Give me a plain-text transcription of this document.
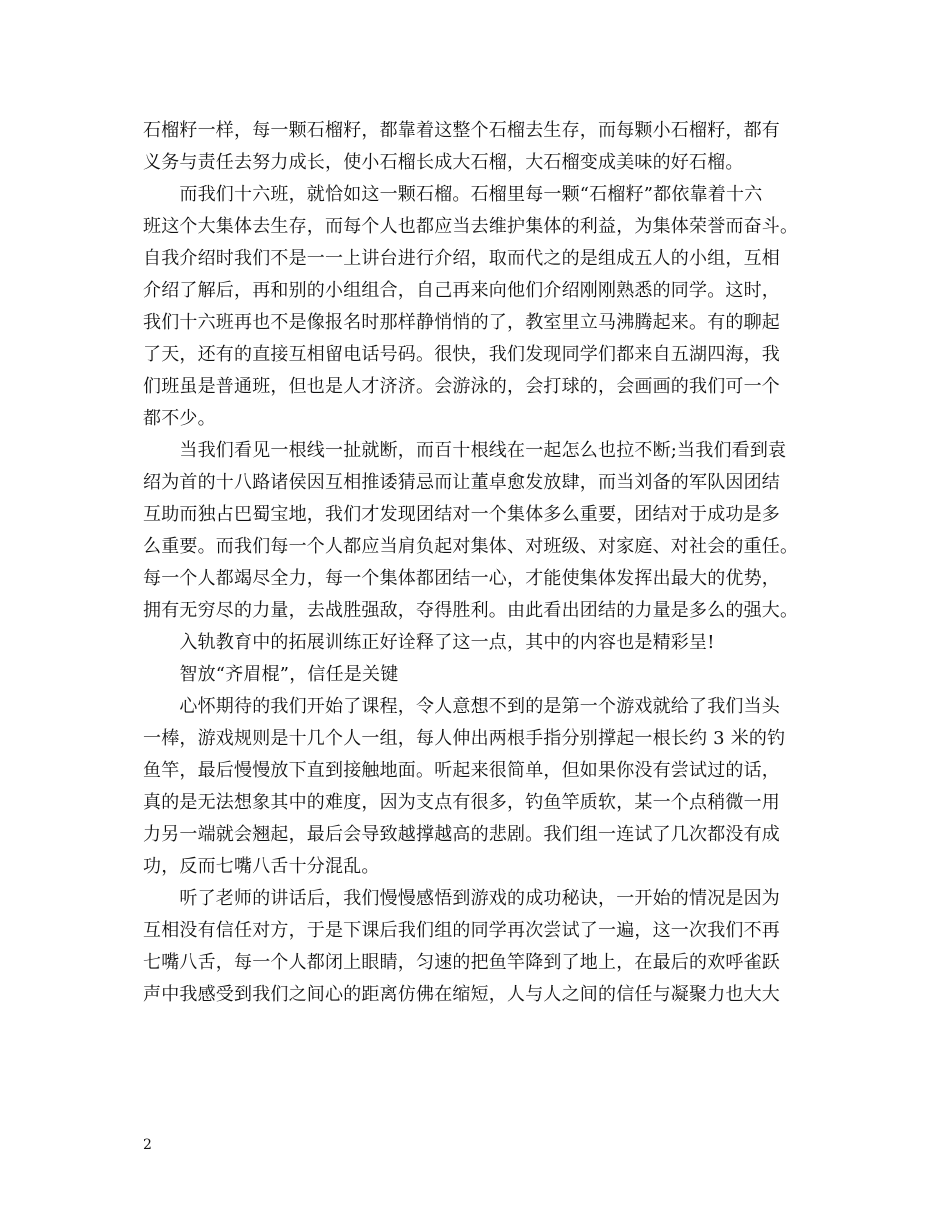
石榴籽一样，每一颗石榴籽，都靠着这整个石榴去生存，而每颗小石榴籽，都有
义务与责任去努力成长，使小石榴长成大石榴，大石榴变成美味的好石榴。
　　而我们十六班，就恰如这一颗石榴。石榴里每一颗“石榴籽”都依靠着十六
班这个大集体去生存，而每个人也都应当去维护集体的利益，为集体荣誉而奋斗。
自我介绍时我们不是一一上讲台进行介绍，取而代之的是组成五人的小组，互相
介绍了解后，再和别的小组组合，自己再来向他们介绍刚刚熟悉的同学。这时，
我们十六班再也不是像报名时那样静悄悄的了，教室里立马沸腾起来。有的聊起
了天，还有的直接互相留电话号码。很快，我们发现同学们都来自五湖四海，我
们班虽是普通班，但也是人才济济。会游泳的，会打球的，会画画的我们可一个
都不少。
　　当我们看见一根线一扯就断，而百十根线在一起怎么也拉不断;当我们看到袁
绍为首的十八路诸侯因互相推诿猜忌而让董卓愈发放肆，而当刘备的军队因团结
互助而独占巴蜀宝地，我们才发现团结对一个集体多么重要，团结对于成功是多
么重要。而我们每一个人都应当肩负起对集体、对班级、对家庭、对社会的重任。
每一个人都竭尽全力，每一个集体都团结一心，才能使集体发挥出最大的优势，
拥有无穷尽的力量，去战胜强敌，夺得胜利。由此看出团结的力量是多么的强大。
　　入轨教育中的拓展训练正好诠释了这一点，其中的内容也是精彩呈!
　　智放“齐眉棍”，信任是关键
　　心怀期待的我们开始了课程，令人意想不到的是第一个游戏就给了我们当头
一棒，游戏规则是十几个人一组，每人伸出两根手指分别撑起一根长约 3 米的钓
鱼竿，最后慢慢放下直到接触地面。听起来很简单，但如果你没有尝试过的话，
真的是无法想象其中的难度，因为支点有很多，钓鱼竿质软，某一个点稍微一用
力另一端就会翘起，最后会导致越撑越高的悲剧。我们组一连试了几次都没有成
功，反而七嘴八舌十分混乱。
　　听了老师的讲话后，我们慢慢感悟到游戏的成功秘诀，一开始的情况是因为
互相没有信任对方，于是下课后我们组的同学再次尝试了一遍，这一次我们不再
七嘴八舌，每一个人都闭上眼睛，匀速的把鱼竿降到了地上，在最后的欢呼雀跃
声中我感受到我们之间心的距离仿佛在缩短，人与人之间的信任与凝聚力也大大
2
